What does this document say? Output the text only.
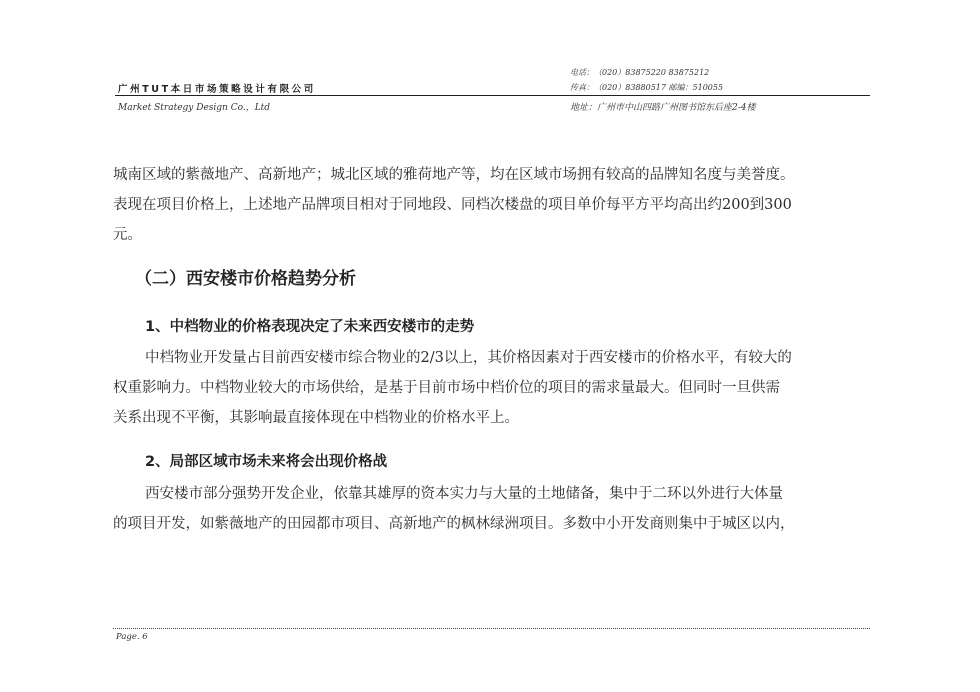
电话：（020）83875220 83875212
广州TUT本日市场策略设计有限公司	传真：（020）83880517 邮编：510055
Market Strategy Design Co.，Ltd	地址：广州市中山四路广州图书馆东后座2-4楼
城南区域的紫薇地产、高新地产；城北区域的雅荷地产等，均在区域市场拥有较高的品牌知名度与美誉度。
表现在项目价格上，上述地产品牌项目相对于同地段、同档次楼盘的项目单价每平方平均高出约200到300
元。
（二）西安楼市价格趋势分析
1、中档物业的价格表现决定了未来西安楼市的走势
中档物业开发量占目前西安楼市综合物业的2/3以上，其价格因素对于西安楼市的价格水平，有较大的
权重影响力。中档物业较大的市场供给，是基于目前市场中档价位的项目的需求量最大。但同时一旦供需
关系出现不平衡，其影响最直接体现在中档物业的价格水平上。
2、局部区域市场未来将会出现价格战
西安楼市部分强势开发企业，依靠其雄厚的资本实力与大量的土地储备，集中于二环以外进行大体量
的项目开发，如紫薇地产的田园都市项目、高新地产的枫林绿洲项目。多数中小开发商则集中于城区以内，
Page. 6
